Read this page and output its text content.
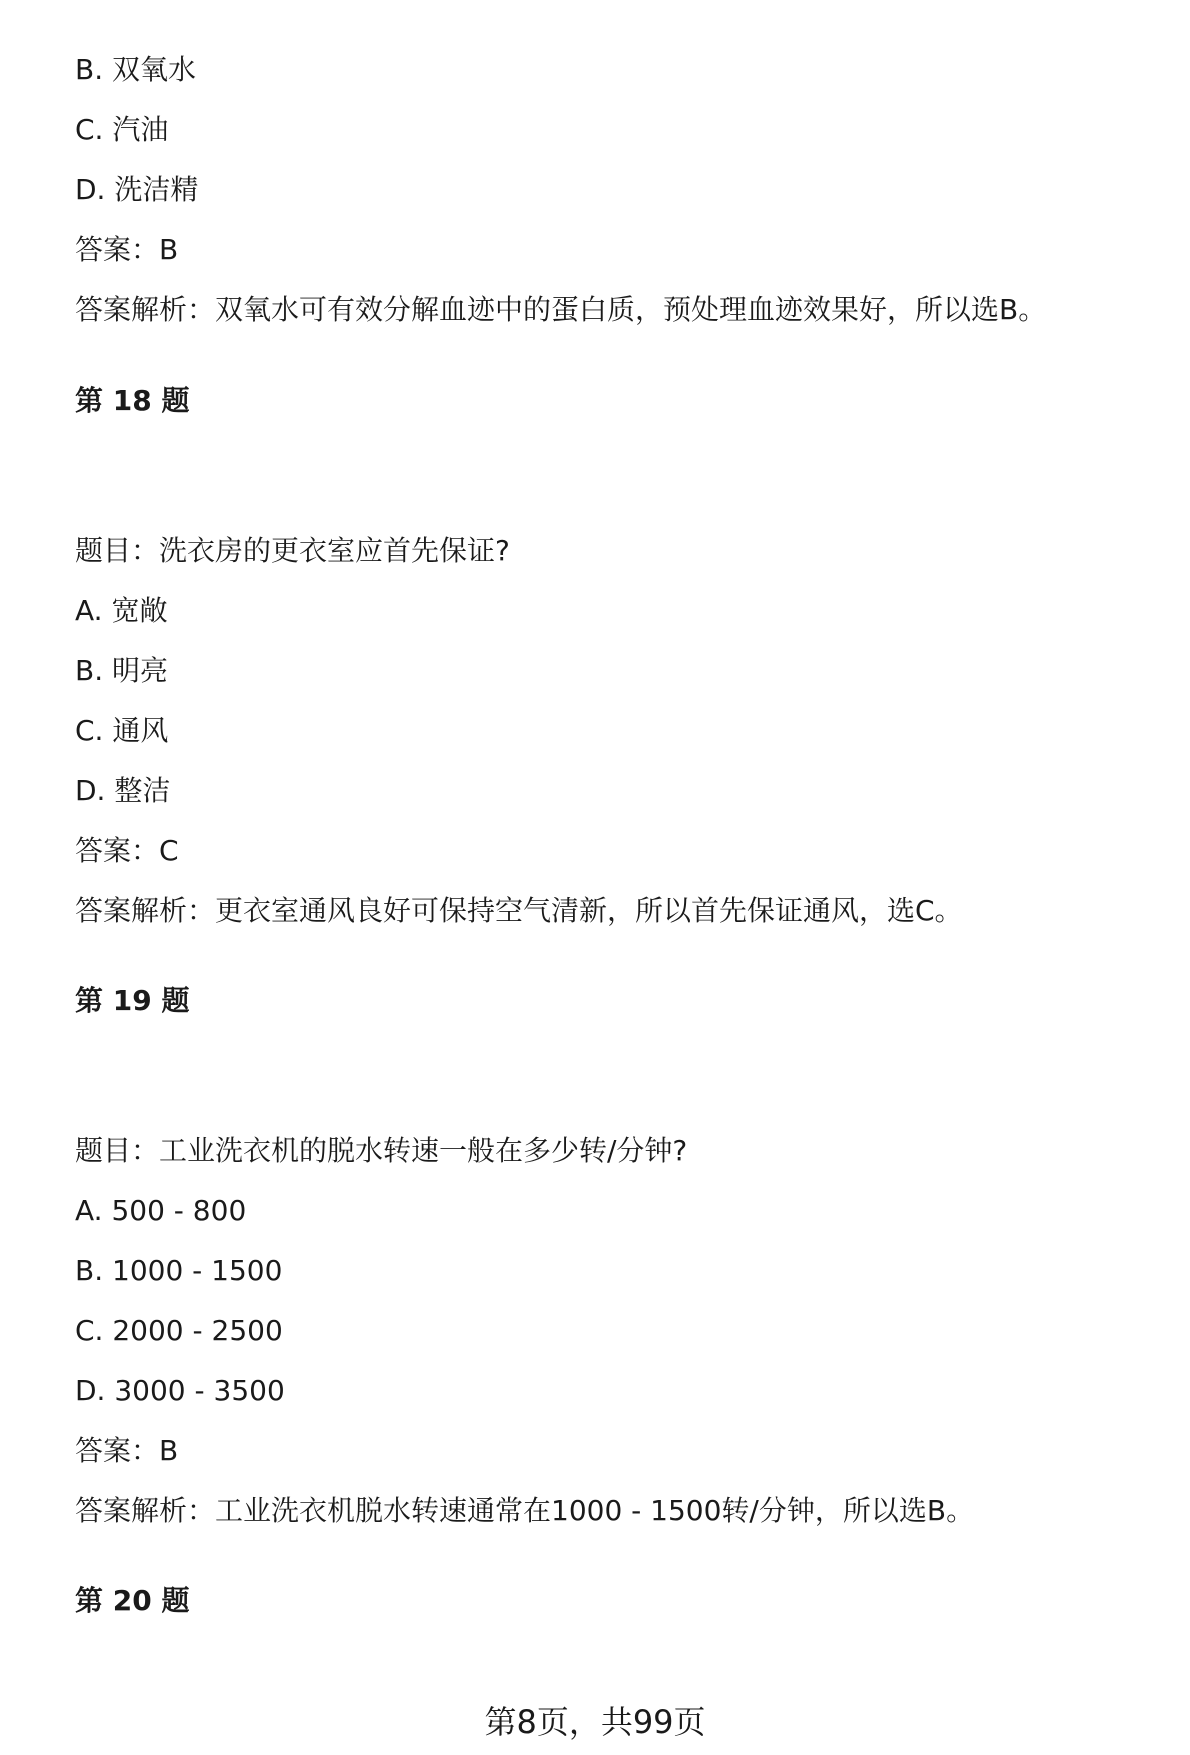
B. 双氧水
C. 汽油
D. 洗洁精
答案：B
答案解析：双氧水可有效分解血迹中的蛋白质，预处理血迹效果好，所以选B。
第 18 题
题目：洗衣房的更衣室应首先保证?
A. 宽敞
B. 明亮
C. 通风
D. 整洁
答案：C
答案解析：更衣室通风良好可保持空气清新，所以首先保证通风，选C。
第 19 题
题目：工业洗衣机的脱水转速一般在多少转/分钟?
A. 500 - 800
B. 1000 - 1500
C. 2000 - 2500
D. 3000 - 3500
答案：B
答案解析：工业洗衣机脱水转速通常在1000 - 1500转/分钟，所以选B。
第 20 题
第8页，共99页
